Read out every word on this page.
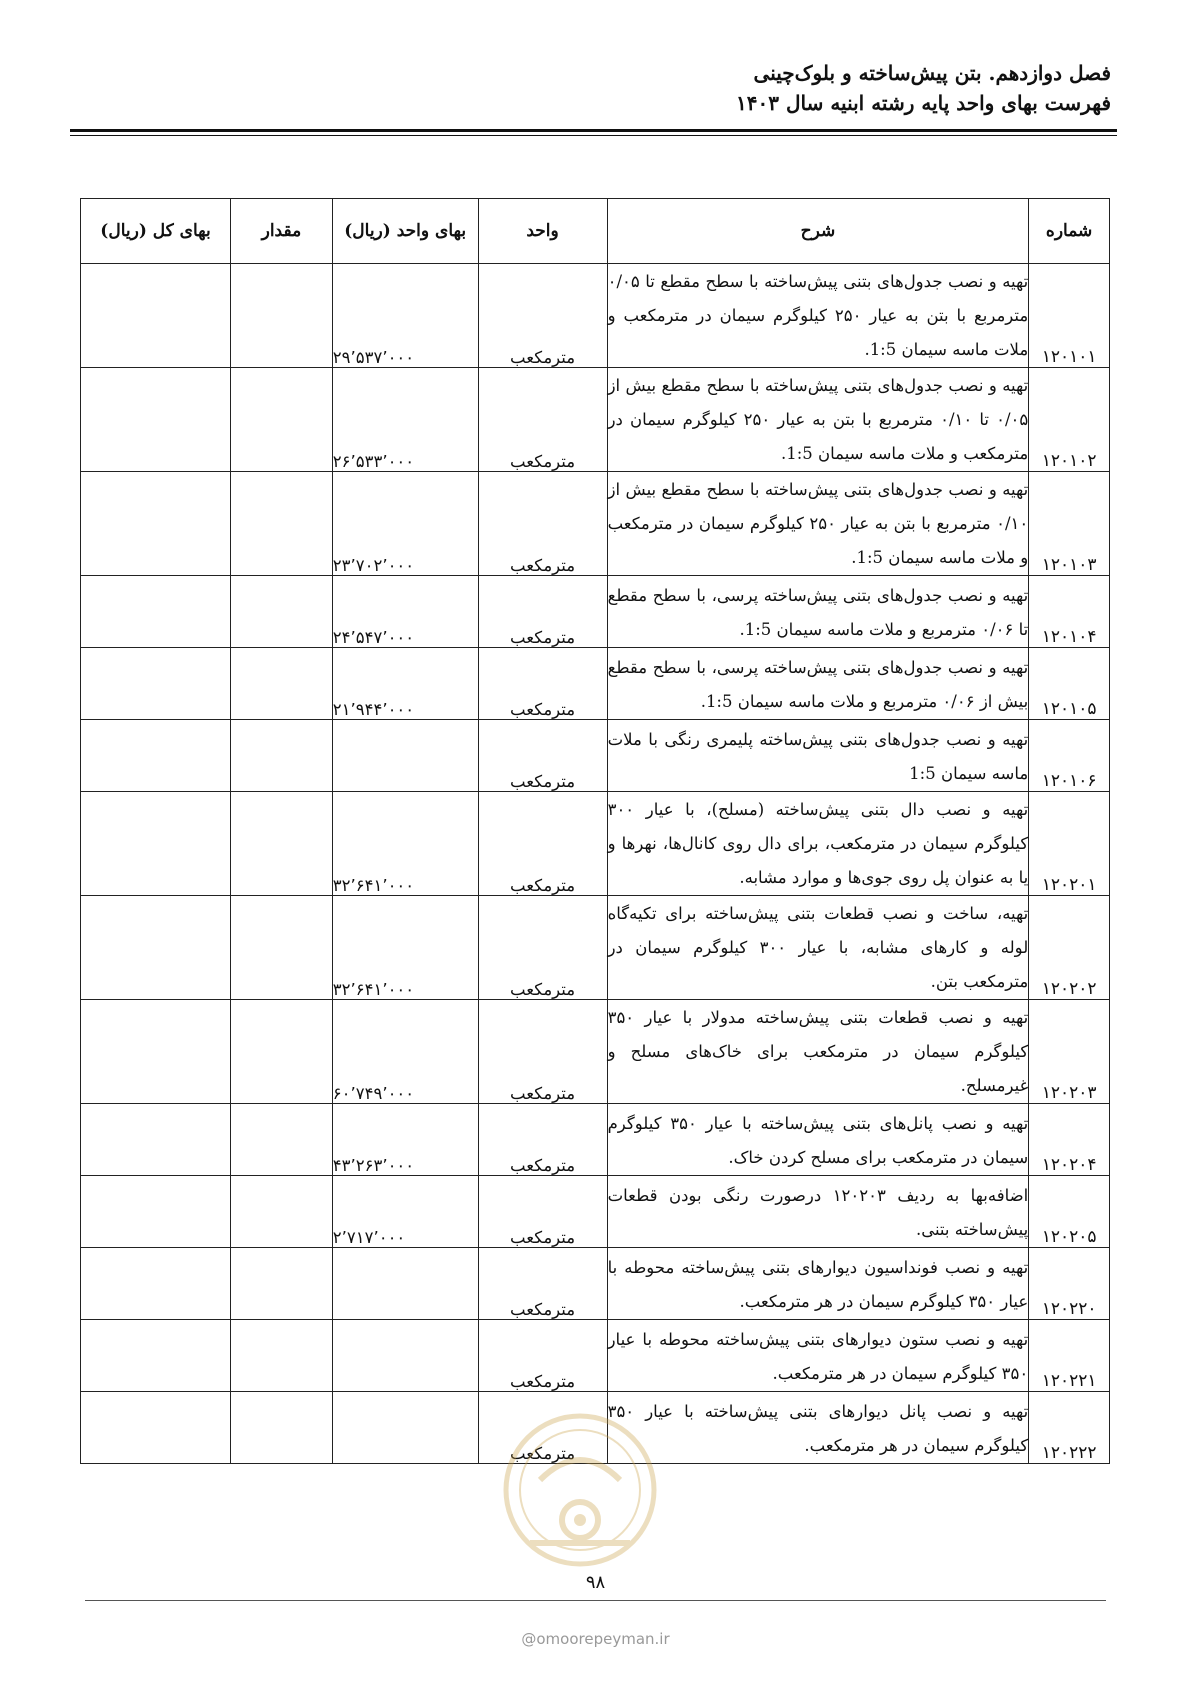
فصل دوازدهم. بتن پیش‌ساخته و بلوک‌چینی
فهرست بهای واحد پایه رشته ابنیه سال ۱۴۰۳
شماره	شرح	واحد	بهای واحد (ریال)	مقدار	بهای کل (ریال)
۱۲۰۱۰۱	تهیه و نصب جدول‌های بتنی پیش‌ساخته با سطح مقطع تا ۰/۰۵ مترمربع با بتن به عیار ۲۵۰ کیلوگرم سیمان در مترمکعب و ملات ماسه سیمان 1:5.	مترمکعب	۲۹٬۵۳۷٬۰۰۰		
۱۲۰۱۰۲	تهیه و نصب جدول‌های بتنی پیش‌ساخته با سطح مقطع بیش از ۰/۰۵ تا ۰/۱۰ مترمربع با بتن به عیار ۲۵۰ کیلوگرم سیمان در مترمکعب و ملات ماسه سیمان 1:5.	مترمکعب	۲۶٬۵۳۳٬۰۰۰		
۱۲۰۱۰۳	تهیه و نصب جدول‌های بتنی پیش‌ساخته با سطح مقطع بیش از ۰/۱۰ مترمربع با بتن به عیار ۲۵۰ کیلوگرم سیمان در مترمکعب و ملات ماسه سیمان 1:5.	مترمکعب	۲۳٬۷۰۲٬۰۰۰		
۱۲۰۱۰۴	تهیه و نصب جدول‌های بتنی پیش‌ساخته پرسی، با سطح مقطع تا ۰/۰۶ مترمربع و ملات ماسه سیمان 1:5.	مترمکعب	۲۴٬۵۴۷٬۰۰۰		
۱۲۰۱۰۵	تهیه و نصب جدول‌های بتنی پیش‌ساخته پرسی، با سطح مقطع بیش از ۰/۰۶ مترمربع و ملات ماسه سیمان 1:5.	مترمکعب	۲۱٬۹۴۴٬۰۰۰		
۱۲۰۱۰۶	تهیه و نصب جدول‌های بتنی پیش‌ساخته پلیمری رنگی با ملات ماسه سیمان 1:5	مترمکعب			
۱۲۰۲۰۱	تهیه و نصب دال بتنی پیش‌ساخته (مسلح)، با عیار ۳۰۰ کیلوگرم سیمان در مترمکعب، برای دال روی کانال‌ها، نهرها و یا به عنوان پل روی جوی‌ها و موارد مشابه.	مترمکعب	۳۲٬۶۴۱٬۰۰۰		
۱۲۰۲۰۲	تهیه، ساخت و نصب قطعات بتنی پیش‌ساخته برای تکیه‌گاه لوله و کارهای مشابه، با عیار ۳۰۰ کیلوگرم سیمان در مترمکعب بتن.	مترمکعب	۳۲٬۶۴۱٬۰۰۰		
۱۲۰۲۰۳	تهیه و نصب قطعات بتنی پیش‌ساخته مدولار با عیار ۳۵۰ کیلوگرم سیمان در مترمکعب برای خاک‌های مسلح و غیرمسلح.	مترمکعب	۶۰٬۷۴۹٬۰۰۰		
۱۲۰۲۰۴	تهیه و نصب پانل‌های بتنی پیش‌ساخته با عیار ۳۵۰ کیلوگرم سیمان در مترمکعب برای مسلح کردن خاک.	مترمکعب	۴۳٬۲۶۳٬۰۰۰		
۱۲۰۲۰۵	اضافه‌بها به ردیف ۱۲۰۲۰۳ درصورت رنگی بودن قطعات پیش‌ساخته بتنی.	مترمکعب	۲٬۷۱۷٬۰۰۰		
۱۲۰۲۲۰	تهیه و نصب فونداسیون دیوارهای بتنی پیش‌ساخته محوطه با عیار ۳۵۰ کیلوگرم سیمان در هر مترمکعب.	مترمکعب			
۱۲۰۲۲۱	تهیه و نصب ستون دیوارهای بتنی پیش‌ساخته محوطه با عیار ۳۵۰ کیلوگرم سیمان در هر مترمکعب.	مترمکعب			
۱۲۰۲۲۲	تهیه و نصب پانل دیوارهای بتنی پیش‌ساخته با عیار ۳۵۰ کیلوگرم سیمان در هر مترمکعب.	مترمکعب			
۹۸
@omoorepeyman.ir
